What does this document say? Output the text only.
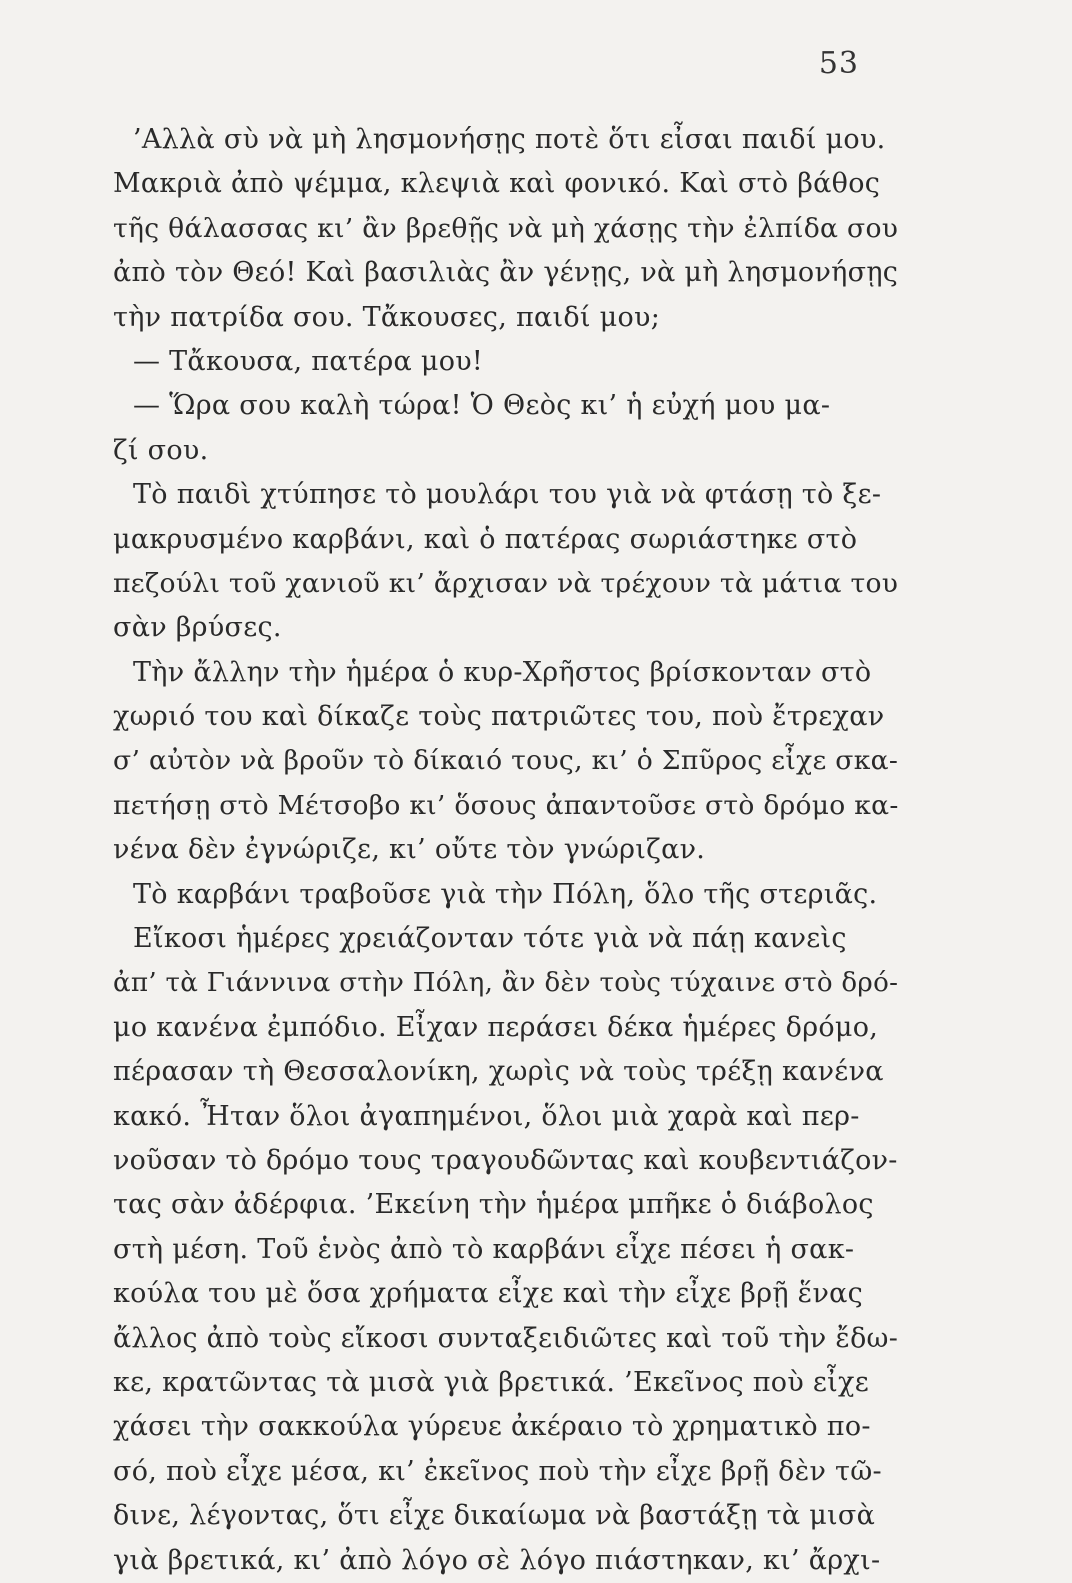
53
’Αλλὰ σὺ νὰ μὴ λησμονήσῃς ποτὲ ὅτι εἶσαι παιδί μου.
Μακριὰ ἀπὸ ψέμμα, κλεψιὰ καὶ φονικό. Καὶ στὸ βάθος
τῆς θάλασσας κι’ ἂν βρεθῇς νὰ μὴ χάσῃς τὴν ἐλπίδα σου
ἀπὸ τὸν Θεό! Καὶ βασιλιὰς ἂν γένῃς, νὰ μὴ λησμονήσῃς
τὴν πατρίδα σου. Τἄκουσες, παιδί μου;
— Τἄκουσα, πατέρα μου!
— Ὥρα σου καλὴ τώρα! Ὁ Θεὸς κι’ ἡ εὐχή μου μα-
ζί σου.
Τὸ παιδὶ χτύπησε τὸ μουλάρι του γιὰ νὰ φτάσῃ τὸ ξε-
μακρυσμένο καρβάνι, καὶ ὁ πατέρας σωριάστηκε στὸ
πεζούλι τοῦ χανιοῦ κι’ ἄρχισαν νὰ τρέχουν τὰ μάτια του
σὰν βρύσες.
Τὴν ἄλλην τὴν ἡμέρα ὁ κυρ-Χρῆστος βρίσκονταν στὸ
χωριό του καὶ δίκαζε τοὺς πατριῶτες του, ποὺ ἔτρεχαν
σ’ αὐτὸν νὰ βροῦν τὸ δίκαιό τους, κι’ ὁ Σπῦρος εἶχε σκα-
πετήσῃ στὸ Μέτσοβο κι’ ὅσους ἀπαντοῦσε στὸ δρόμο κα-
νένα δὲν ἐγνώριζε, κι’ οὔτε τὸν γνώριζαν.
Τὸ καρβάνι τραβοῦσε γιὰ τὴν Πόλη, ὅλο τῆς στεριᾶς.
Εἴκοσι ἡμέρες χρειάζονταν τότε γιὰ νὰ πάῃ κανεὶς
ἀπ’ τὰ Γιάννινα στὴν Πόλη, ἂν δὲν τοὺς τύχαινε στὸ δρό-
μο κανένα ἐμπόδιο. Εἶχαν περάσει δέκα ἡμέρες δρόμο,
πέρασαν τὴ Θεσσαλονίκη, χωρὶς νὰ τοὺς τρέξῃ κανένα
κακό. Ἦταν ὅλοι ἀγαπημένοι, ὅλοι μιὰ χαρὰ καὶ περ-
νοῦσαν τὸ δρόμο τους τραγουδῶντας καὶ κουβεντιάζον-
τας σὰν ἀδέρφια. ’Εκείνη τὴν ἡμέρα μπῆκε ὁ διάβολος
στὴ μέση. Τοῦ ἑνὸς ἀπὸ τὸ καρβάνι εἶχε πέσει ἡ σακ-
κούλα του μὲ ὅσα χρήματα εἶχε καὶ τὴν εἶχε βρῇ ἕνας
ἄλλος ἀπὸ τοὺς εἴκοσι συνταξειδιῶτες καὶ τοῦ τὴν ἔδω-
κε, κρατῶντας τὰ μισὰ γιὰ βρετικά. ’Εκεῖνος ποὺ εἶχε
χάσει τὴν σακκούλα γύρευε ἀκέραιο τὸ χρηματικὸ πο-
σό, ποὺ εἶχε μέσα, κι’ ἐκεῖνος ποὺ τὴν εἶχε βρῇ δὲν τῶ-
δινε, λέγοντας, ὅτι εἶχε δικαίωμα νὰ βαστάξῃ τὰ μισὰ
γιὰ βρετικά, κι’ ἀπὸ λόγο σὲ λόγο πιάστηκαν, κι’ ἄρχι-
